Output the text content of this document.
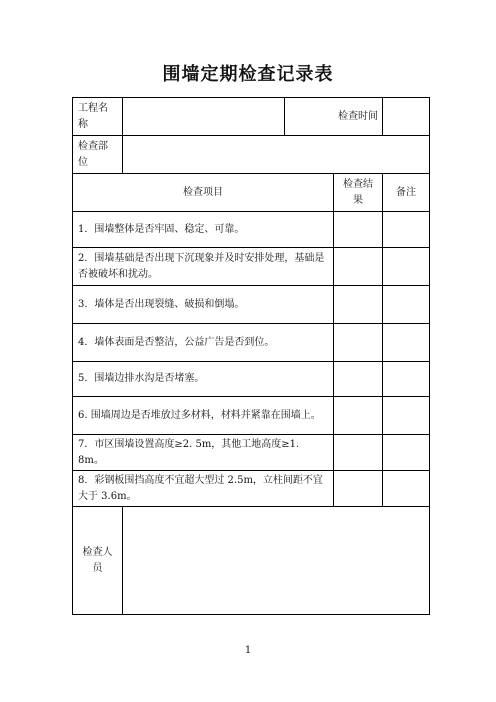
围墙定期检查记录表
工程名称		检查时间		
检查部位				
检查项目			检查结果	备注
1．围墙整体是否牢固、稳定、可靠。				
2．围墙基础是否出现下沉现象并及时安排处理，基础是否被破坏和扰动。				
3．墙体是否出现裂缝、破损和倒塌。				
4．墙体表面是否整洁，公益广告是否到位。				
5．围墙边排水沟是否堵塞。				
6. 围墙周边是否堆放过多材料，材料并紧靠在围墙上。				
7．市区围墙设置高度≥2. 5m，其他工地高度≥1. 8m。				
8．彩钢板围挡高度不宜超大型过 2.5m，立柱间距不宜大于 3.6m。				
检查人员				
1
